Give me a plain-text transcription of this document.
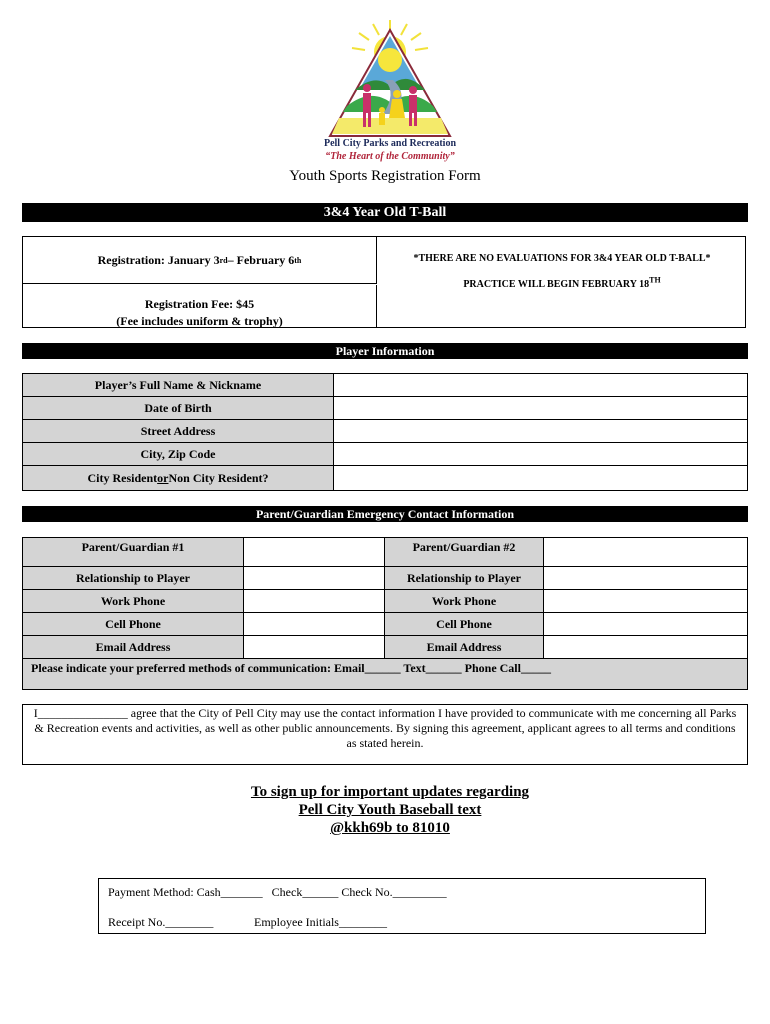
Pell City Parks and Recreation
“The Heart of the Community”
Youth Sports Registration Form
3&4 Year Old T-Ball
Registration: January 3 rd – February 6 th
Registration Fee: $45
(Fee includes uniform & trophy)
*THERE ARE NO EVALUATIONS FOR 3&4 YEAR OLD T-BALL*
PRACTICE WILL BEGIN FEBRUARY 18TH
Player Information
Player’s Full Name & Nickname
Date of Birth
Street Address
City, Zip Code
City Resident or Non City Resident?
Parent/Guardian Emergency Contact Information
Parent/Guardian #1	Parent/Guardian #2
Relationship to Player	Relationship to Player
Work Phone	Work Phone
Cell Phone	Cell Phone
Email Address	Email Address
Please indicate your preferred methods of communication: Email______ Text______ Phone Call_____
I_______________ agree that the City of Pell City may use the contact information I have provided to communicate with me concerning all Parks & Recreation events and activities, as well as other public announcements. By signing this agreement, applicant agrees to all terms and conditions as stated herein.
To sign up for important updates regarding
Pell City Youth Baseball text
@kkh69b to 81010
Payment Method: Cash_______   Check______ Check No._________
Receipt No.________	Employee Initials________
